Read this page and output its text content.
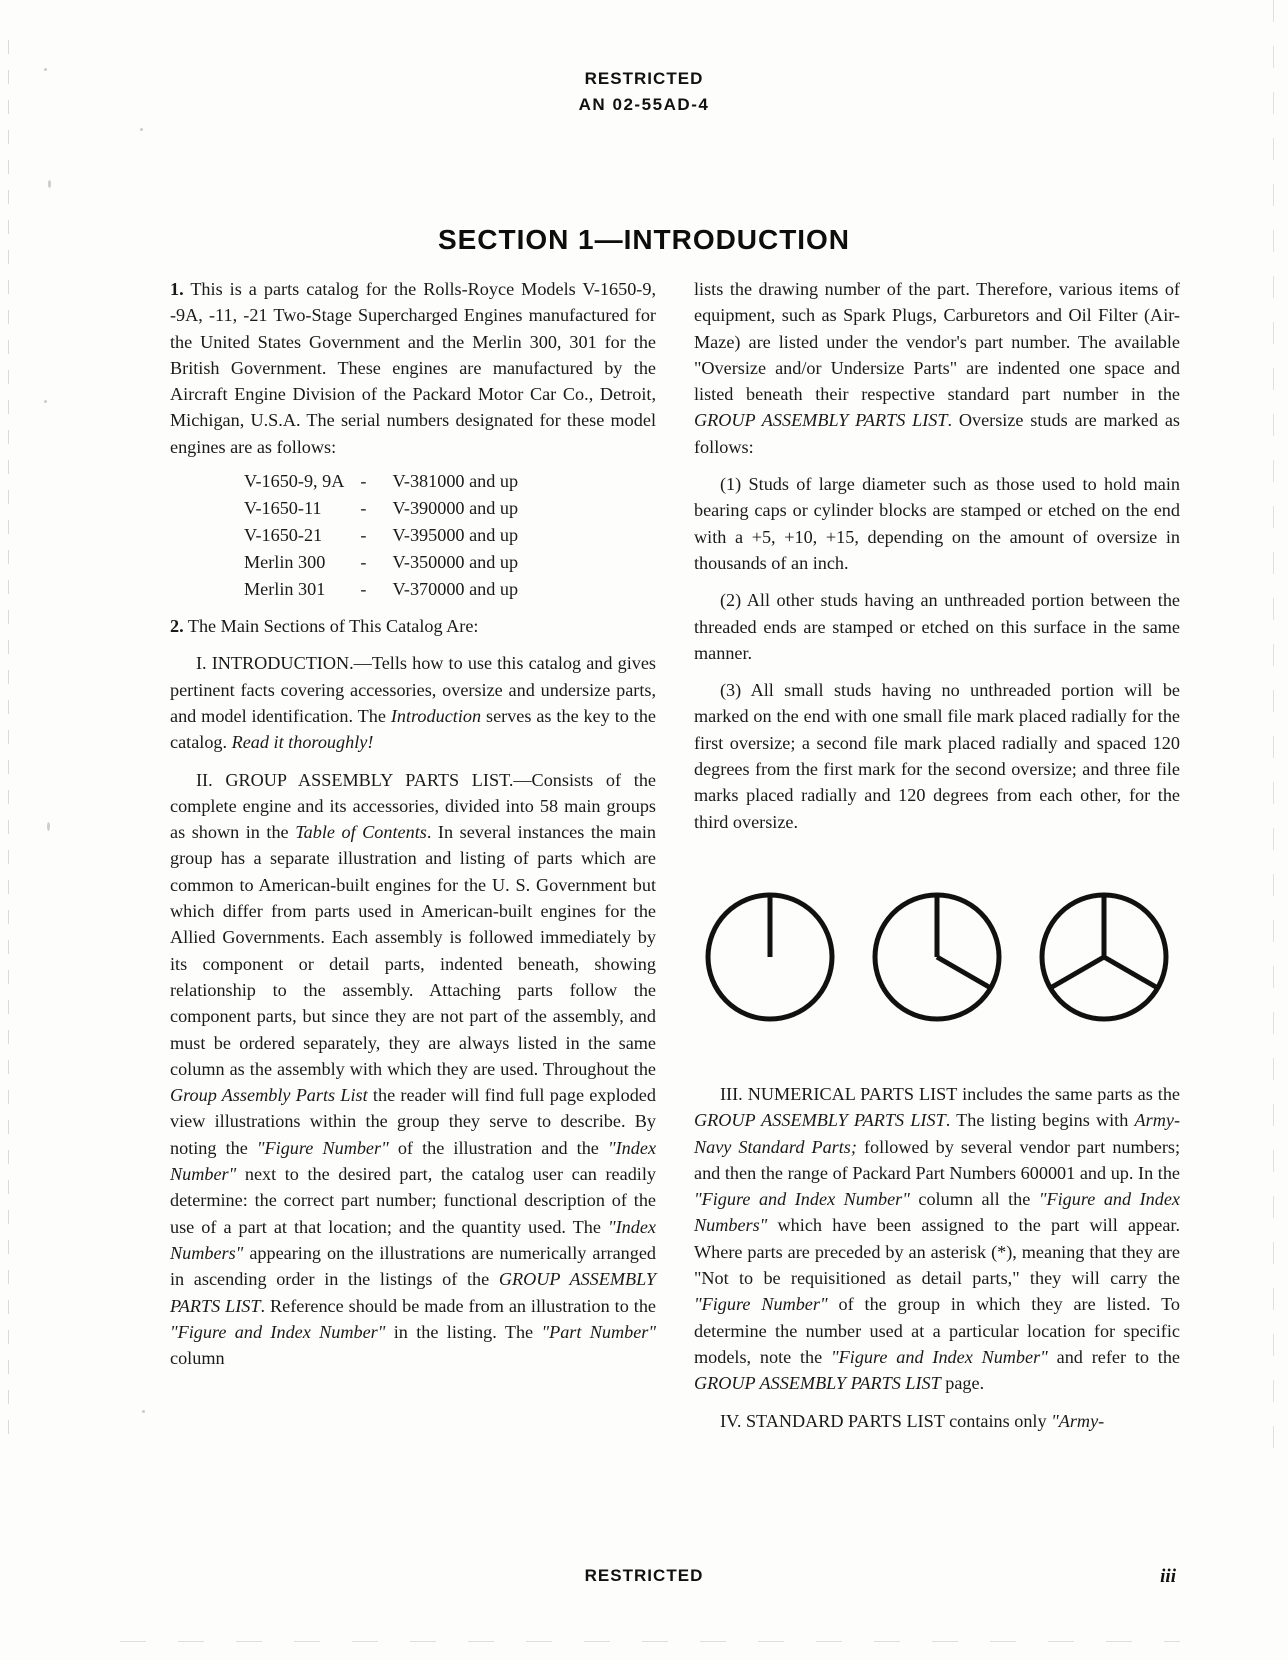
RESTRICTED
AN 02-55AD-4
SECTION 1—INTRODUCTION

1. This is a parts catalog for the Rolls-Royce Models V-1650-9, -9A, -11, -21 Two-Stage Supercharged Engines manufactured for the United States Government and the Merlin 300, 301 for the British Government. These engines are manufactured by the Aircraft Engine Division of the Packard Motor Car Co., Detroit, Michigan, U.S.A. The serial numbers designated for these model engines are as follows:

V-1650-9, 9A	-	V-381000 and up
V-1650-11	-	V-390000 and up
V-1650-21	-	V-395000 and up
Merlin 300	-	V-350000 and up
Merlin 301	-	V-370000 and up

2. The Main Sections of This Catalog Are:

I. INTRODUCTION.—Tells how to use this catalog and gives pertinent facts covering accessories, oversize and undersize parts, and model identification. The Introduction serves as the key to the catalog. Read it thoroughly!

II. GROUP ASSEMBLY PARTS LIST.—Consists of the complete engine and its accessories, divided into 58 main groups as shown in the Table of Contents. In several instances the main group has a separate illustration and listing of parts which are common to American-built engines for the U. S. Government but which differ from parts used in American-built engines for the Allied Governments. Each assembly is followed immediately by its component or detail parts, indented beneath, showing relationship to the assembly. Attaching parts follow the component parts, but since they are not part of the assembly, and must be ordered separately, they are always listed in the same column as the assembly with which they are used. Throughout the Group Assembly Parts List the reader will find full page exploded view illustrations within the group they serve to describe. By noting the "Figure Number" of the illustration and the "Index Number" next to the desired part, the catalog user can readily determine: the correct part number; functional description of the use of a part at that location; and the quantity used. The "Index Numbers" appearing on the illustrations are numerically arranged in ascending order in the listings of the GROUP ASSEMBLY PARTS LIST. Reference should be made from an illustration to the "Figure and Index Number" in the listing. The "Part Number" column

lists the drawing number of the part. Therefore, various items of equipment, such as Spark Plugs, Carburetors and Oil Filter (Air-Maze) are listed under the vendor's part number. The available "Oversize and/or Undersize Parts" are indented one space and listed beneath their respective standard part number in the GROUP ASSEMBLY PARTS LIST. Oversize studs are marked as follows:

(1) Studs of large diameter such as those used to hold main bearing caps or cylinder blocks are stamped or etched on the end with a +5, +10, +15, depending on the amount of oversize in thousands of an inch.

(2) All other studs having an unthreaded portion between the threaded ends are stamped or etched on this surface in the same manner.

(3) All small studs having no unthreaded portion will be marked on the end with one small file mark placed radially for the first oversize; a second file mark placed radially and spaced 120 degrees from the first mark for the second oversize; and three file marks placed radially and 120 degrees from each other, for the third oversize.

III. NUMERICAL PARTS LIST includes the same parts as the GROUP ASSEMBLY PARTS LIST. The listing begins with Army-Navy Standard Parts; followed by several vendor part numbers; and then the range of Packard Part Numbers 600001 and up. In the "Figure and Index Number" column all the "Figure and Index Numbers" which have been assigned to the part will appear. Where parts are preceded by an asterisk (*), meaning that they are "Not to be requisitioned as detail parts," they will carry the "Figure Number" of the group in which they are listed. To determine the number used at a particular location for specific models, note the "Figure and Index Number" and refer to the GROUP ASSEMBLY PARTS LIST page.

IV. STANDARD PARTS LIST contains only "Army-

RESTRICTED	iii
